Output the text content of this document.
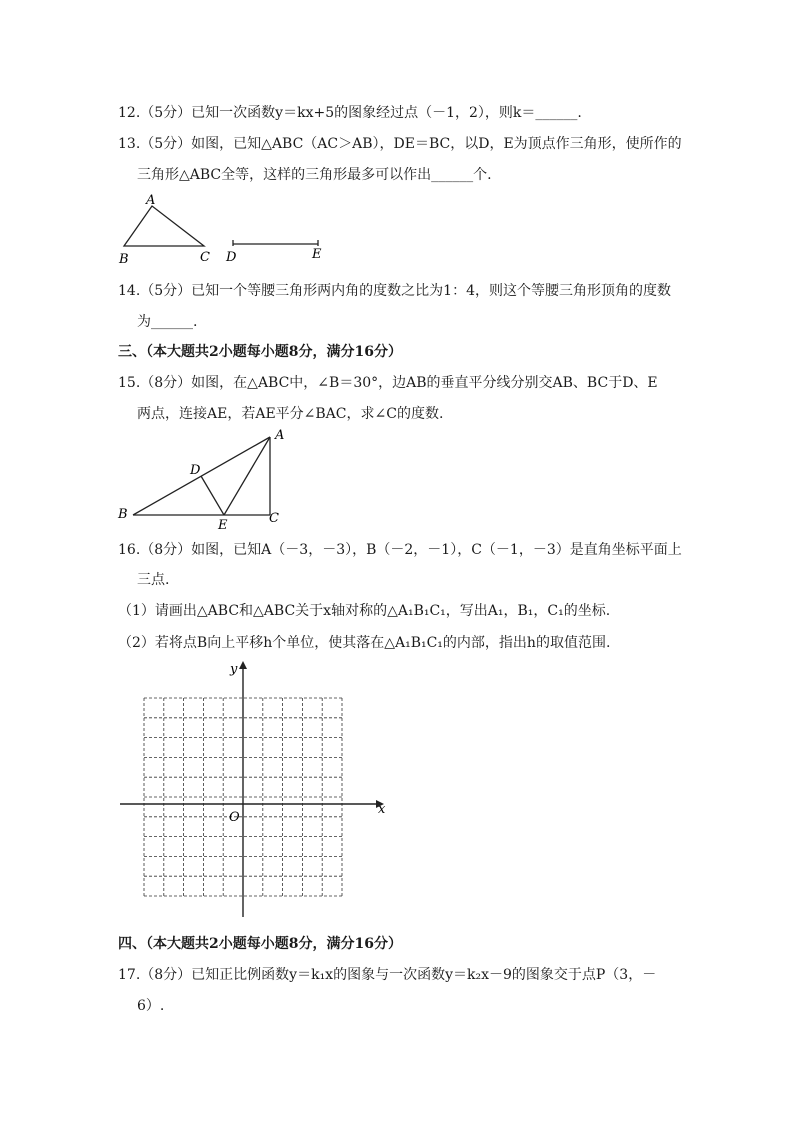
12.（5分）已知一次函数y＝kx+5的图象经过点（－1，2），则k＝______.
13.（5分）如图，已知△ABC（AC＞AB），DE＝BC，以D，E为顶点作三角形，使所作的
三角形△ABC全等，这样的三角形最多可以作出______个.
A
B	C D	E
14.（5分）已知一个等腰三角形两内角的度数之比为1：4，则这个等腰三角形顶角的度数
为______.
三、（本大题共2小题每小题8分，满分16分）
15.（8分）如图，在△ABC中，∠B＝30°，边AB的垂直平分线分别交AB、BC于D、E
两点，连接AE，若AE平分∠BAC，求∠C的度数.
A
B	C
D
E
16.（8分）如图，已知A（－3，－3），B（－2，－1），C（－1，－3）是直角坐标平面上
三点.
（1）请画出△ABC和△ABC关于x轴对称的△A₁B₁C₁，写出A₁，B₁，C₁的坐标.
（2）若将点B向上平移h个单位，使其落在△A₁B₁C₁的内部，指出h的取值范围.
x
y
O
四、（本大题共2小题每小题8分，满分16分）
17.（8分）已知正比例函数y＝k₁x的图象与一次函数y＝k₂x－9的图象交于点P（3，－
6）.
